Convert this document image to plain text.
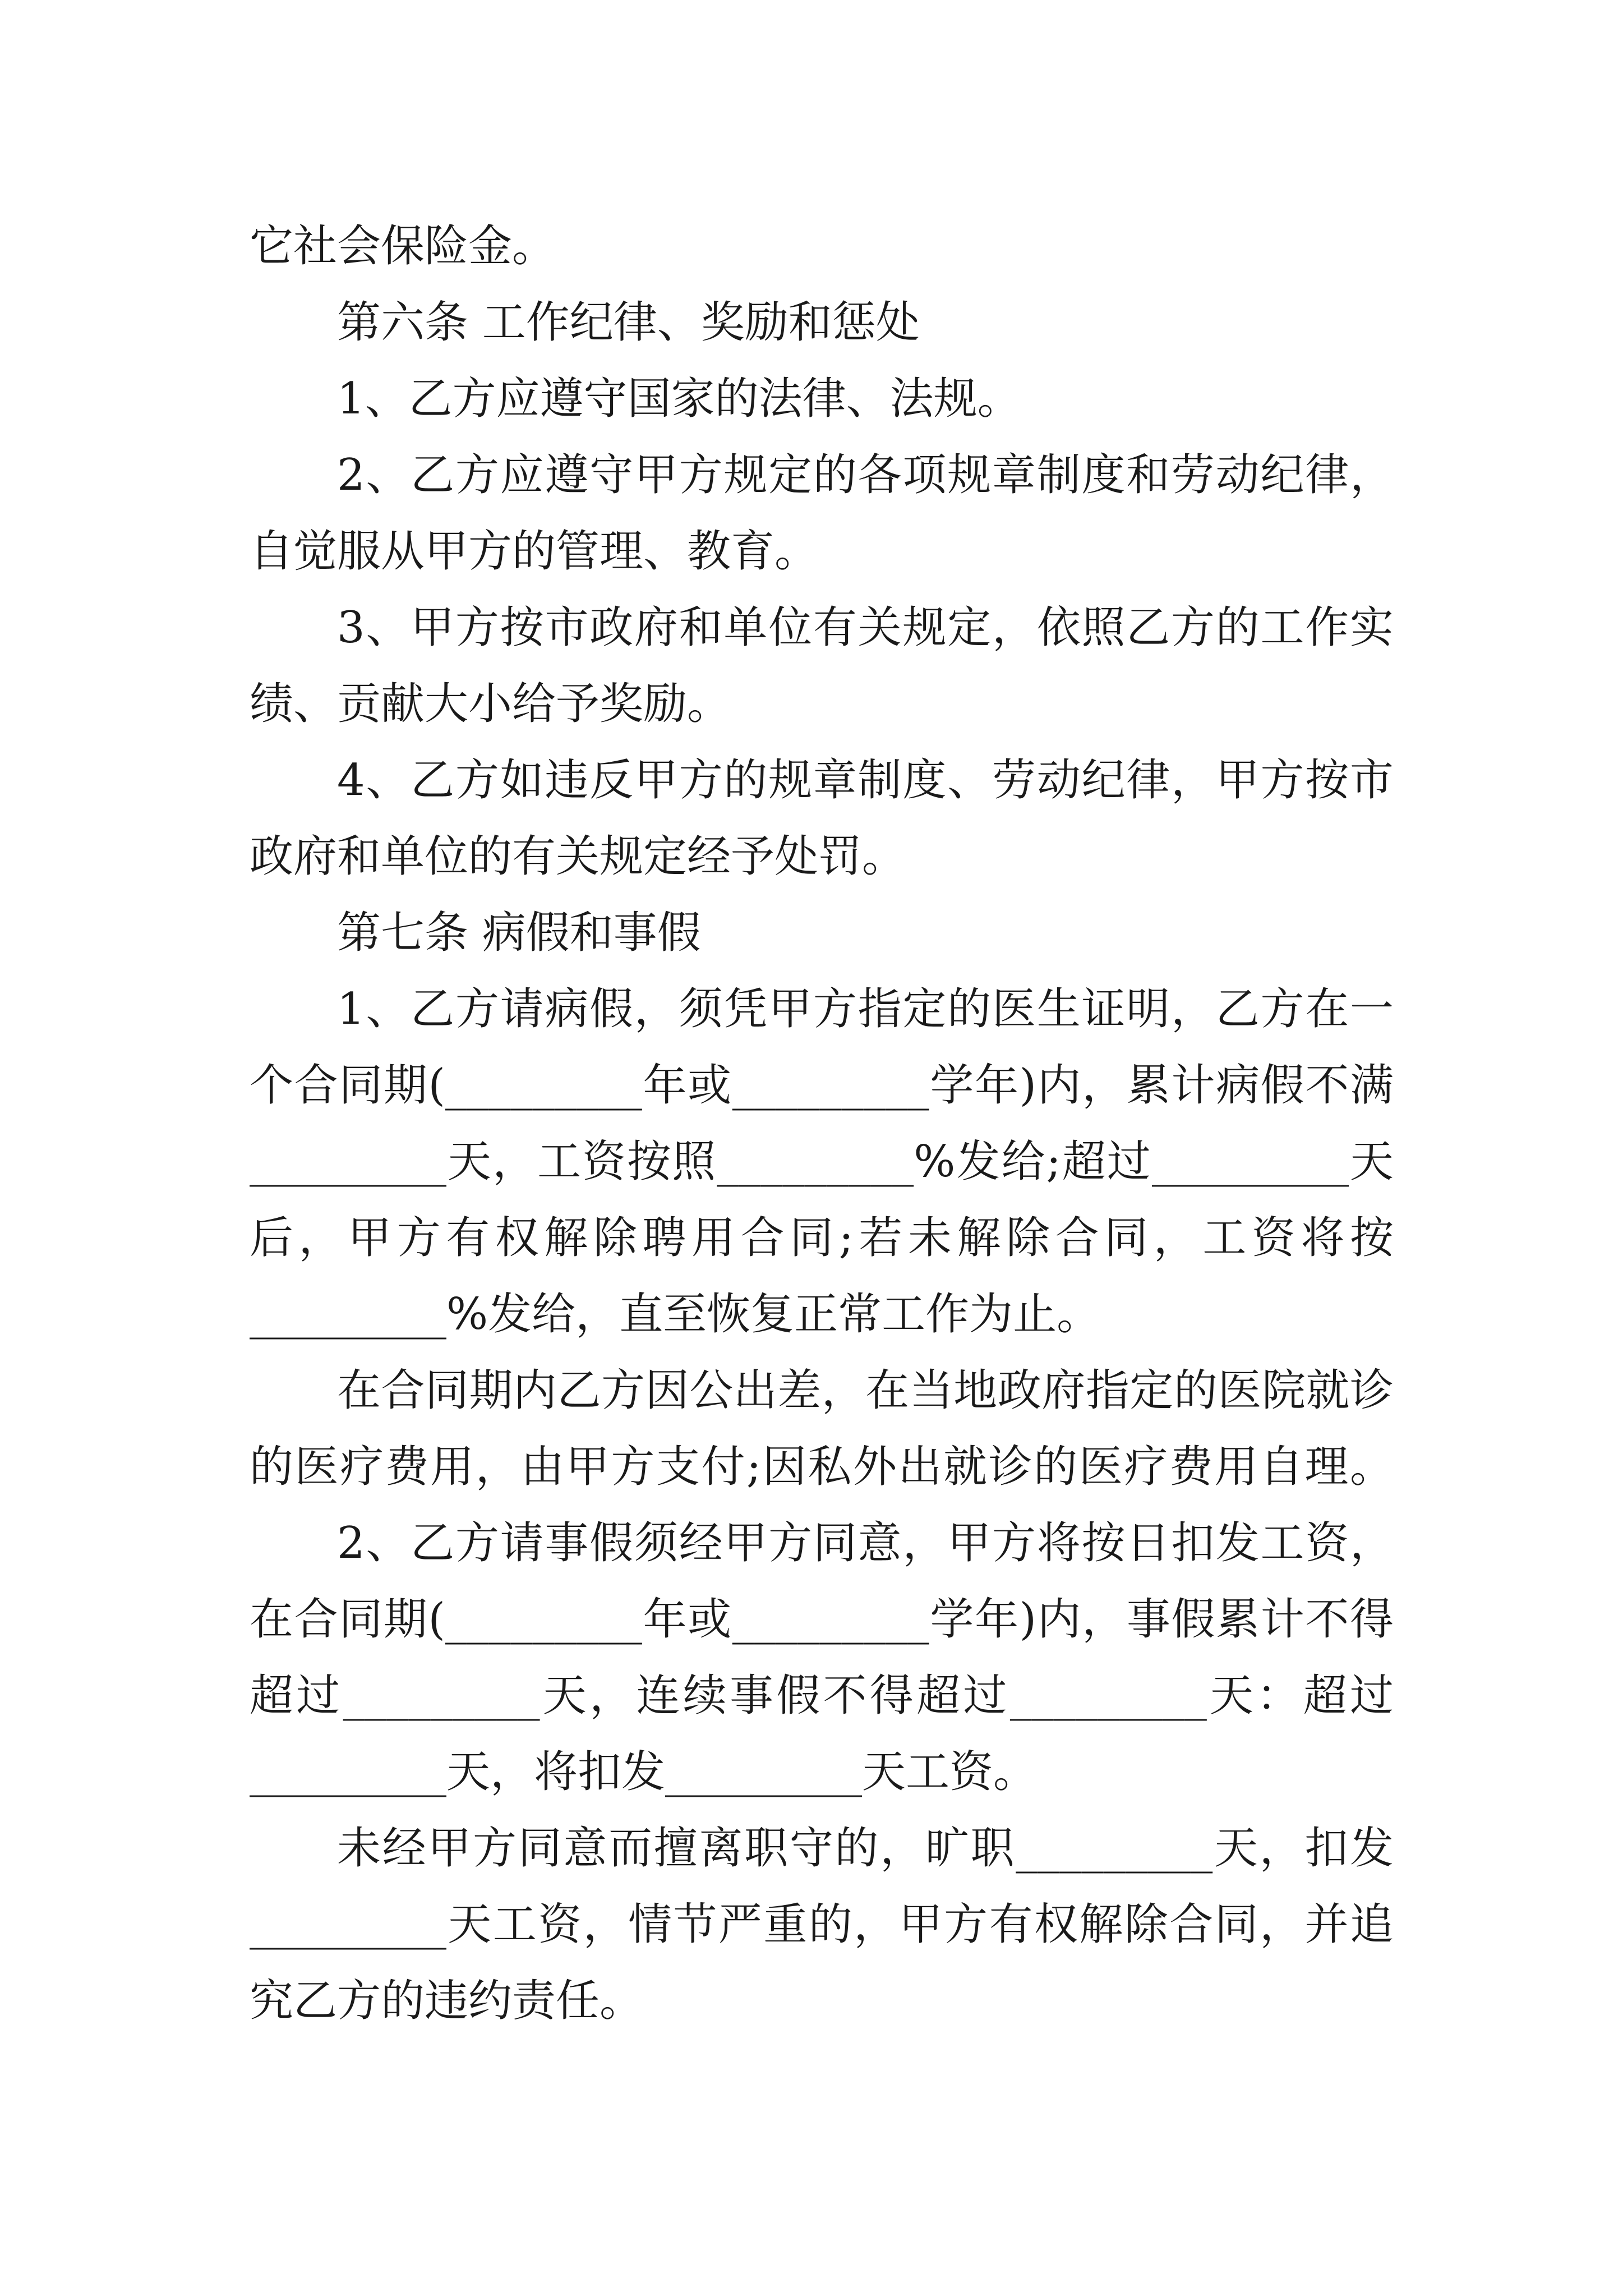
它社会保险金。
第六条 工作纪律、奖励和惩处
1、乙方应遵守国家的法律、法规。
2、乙方应遵守甲方规定的各项规章制度和劳动纪律，
自觉服从甲方的管理、教育。
3、甲方按市政府和单位有关规定，依照乙方的工作实
绩、贡献大小给予奖励。
4、乙方如违反甲方的规章制度、劳动纪律，甲方按市
政府和单位的有关规定经予处罚。
第七条 病假和事假
1、乙方请病假，须凭甲方指定的医生证明，乙方在一
个合同期(_________年或_________学年)内，累计病假不满
_________天，工资按照_________%发给;超过_________天
后，甲方有权解除聘用合同;若未解除合同，工资将按
_________%发给，直至恢复正常工作为止。
在合同期内乙方因公出差，在当地政府指定的医院就诊
的医疗费用，由甲方支付;因私外出就诊的医疗费用自理。
2、乙方请事假须经甲方同意，甲方将按日扣发工资，
在合同期(_________年或_________学年)内，事假累计不得
超过_________天，连续事假不得超过_________天：超过
_________天，将扣发_________天工资。
未经甲方同意而擅离职守的，旷职_________天，扣发
_________天工资，情节严重的，甲方有权解除合同，并追
究乙方的违约责任。
